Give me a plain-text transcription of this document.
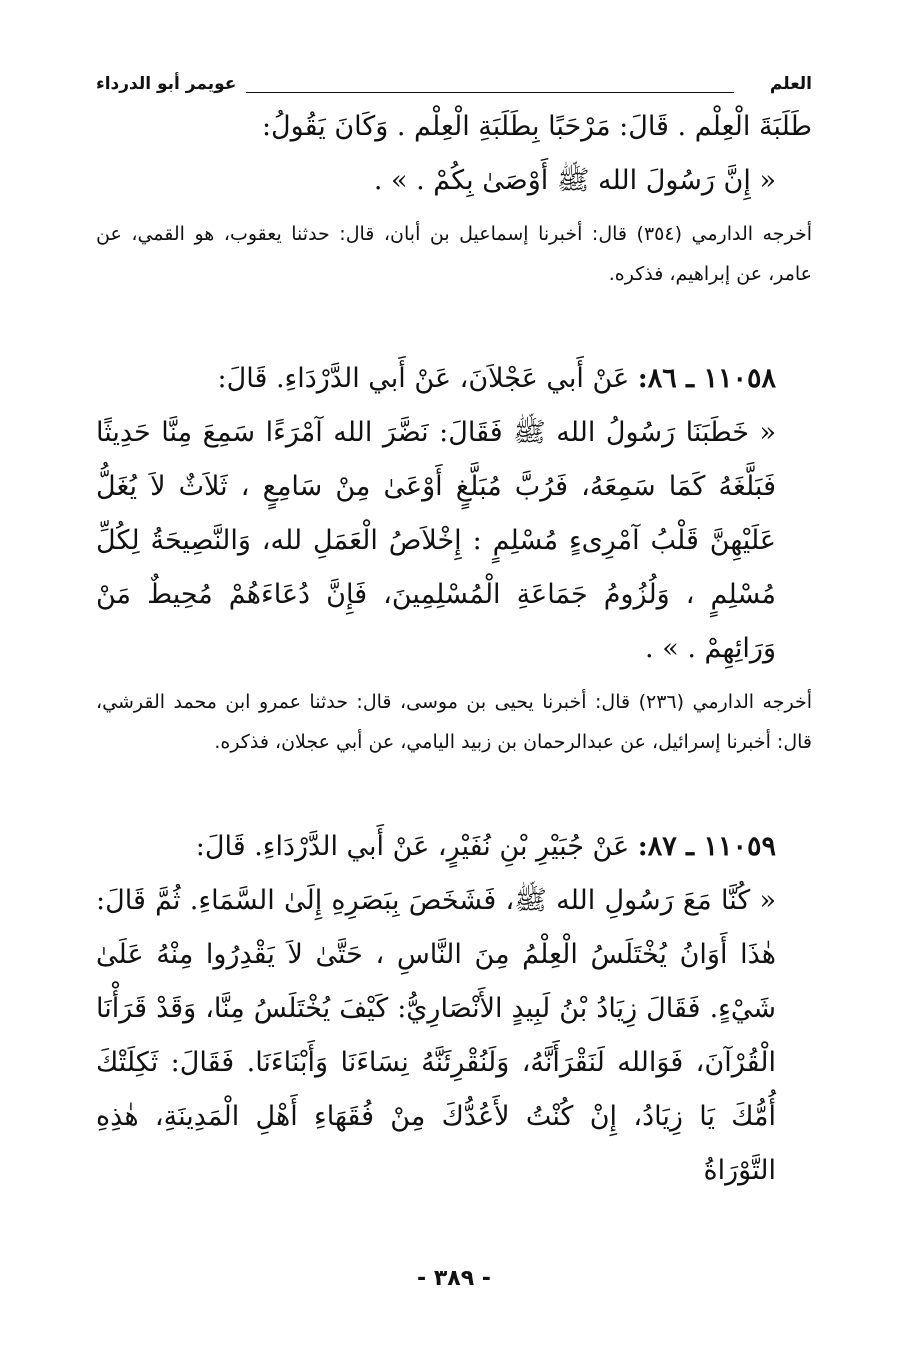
العلم
عويمر أبو الدرداء

طَلَبَةَ الْعِلْم . قَالَ: مَرْحَبًا بِطَلَبَةِ الْعِلْم . وَكَانَ يَقُولُ:

« إِنَّ رَسُولَ الله ﷺ أَوْصَىٰ بِكُمْ . » .

أخرجه الدارمي (٣٥٤) قال: أخبرنا إسماعيل بن أبان، قال: حدثنا يعقوب، هو القمي، عن عامر، عن إبراهيم، فذكره.

١١٠٥٨ ـ ٨٦: عَنْ أَبي عَجْلاَنَ، عَنْ أَبي الدَّرْدَاءِ. قَالَ:

« خَطَبَنَا رَسُولُ الله ﷺ فَقَالَ: نَضَّرَ الله آمْرَءًا سَمِعَ مِنَّا حَدِيثًا فَبَلَّغَهُ كَمَا سَمِعَهُ، فَرُبَّ مُبَلَّغٍ أَوْعَىٰ مِنْ سَامِعٍ ، ثَلاَثٌ لاَ يُغَلُّ عَلَيْهِنَّ قَلْبُ آمْرِىءٍ مُسْلِمٍ : إِخْلاَصُ الْعَمَلِ لله، وَالنَّصِيحَةُ لِكُلِّ مُسْلِمٍ ، وَلُزُومُ جَمَاعَةِ الْمُسْلِمِينَ، فَإِنَّ دُعَاءَهُمْ مُحِيطٌ مَنْ وَرَائِهِمْ . » .

أخرجه الدارمي (٢٣٦) قال: أخبرنا يحيى بن موسى، قال: حدثنا عمرو ابن محمد القرشي، قال: أخبرنا إسرائيل، عن عبدالرحمان بن زبيد اليامي، عن أبي عجلان، فذكره.

١١٠٥٩ ـ ٨٧: عَنْ جُبَيْرِ بْنِ نُفَيْرٍ، عَنْ أَبي الدَّرْدَاءِ. قَالَ:

« كُنَّا مَعَ رَسُولِ الله ﷺ، فَشَخَصَ بِبَصَرِهِ إِلَىٰ السَّمَاءِ. ثُمَّ قَالَ: هٰذَا أَوَانُ يُخْتَلَسُ الْعِلْمُ مِنَ النَّاسِ ، حَتَّىٰ لاَ يَقْدِرُوا مِنْهُ عَلَىٰ شَيْءٍ. فَقَالَ زِيَادُ بْنُ لَبِيدٍ الأَنْصَارِيُّ: كَيْفَ يُخْتَلَسُ مِنَّا، وَقَدْ قَرَأْنَا الْقُرْآنَ، فَوَالله لَنَقْرَأَنَّهُ، وَلَنُقْرِئَنَّهُ نِسَاءَنَا وَأَبْنَاءَنَا. فَقَالَ: ثَكِلَتْكَ أُمُّكَ يَا زِيَادُ، إِنْ كُنْتُ لأَعُدُّكَ مِنْ فُقَهَاءِ أَهْلِ الْمَدِينَةِ، هٰذِهِ التَّوْرَاةُ

- ٣٨٩ -
